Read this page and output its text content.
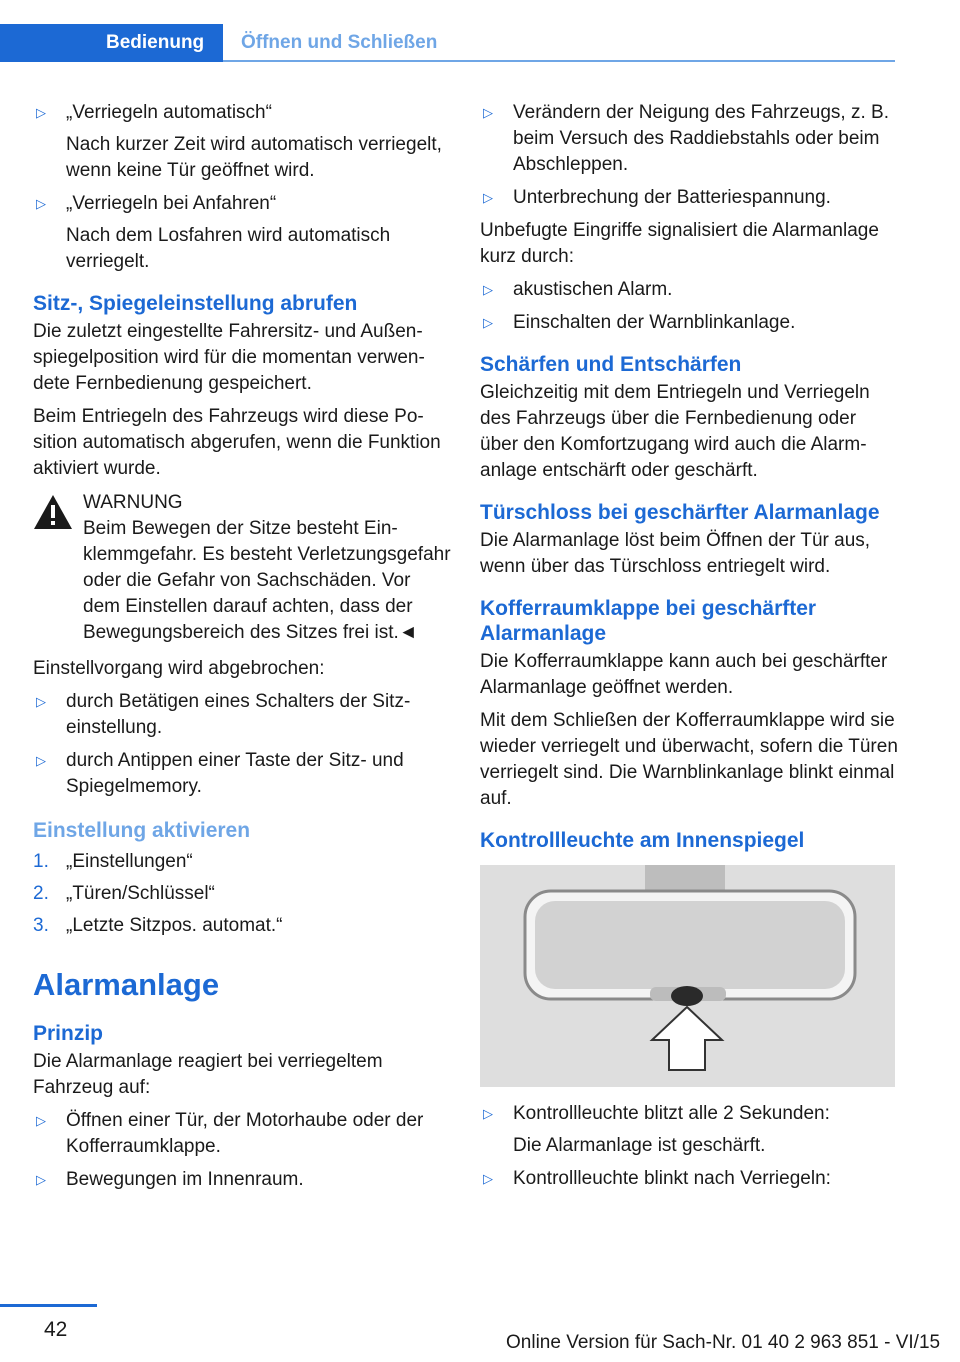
Bedienung	Öffnen und Schließen
▷	„Verriegeln automatisch“

Nach kurzer Zeit wird automatisch verriegelt, wenn keine Tür geöffnet wird.

▷	„Verriegeln bei Anfahren“

Nach dem Losfahren wird automatisch verriegelt.

Sitz-, Spiegeleinstellung abrufen

Die zuletzt eingestellte Fahrersitz- und Außenspiegelposition wird für die momentan verwendete Fernbedienung gespeichert.

Beim Entriegeln des Fahrzeugs wird diese Position automatisch abgerufen, wenn die Funktion aktiviert wurde.

WARNUNG
Beim Bewegen der Sitze besteht Einklemmgefahr. Es besteht Verletzungsgefahr oder die Gefahr von Sachschäden. Vor dem Einstellen darauf achten, dass der Bewegungsbereich des Sitzes frei ist.◄

Einstellvorgang wird abgebrochen:

▷	durch Betätigen eines Schalters der Sitzeinstellung.
▷	durch Antippen einer Taste der Sitz- und Spiegelmemory.
Einstellung aktivieren
1. „Einstellungen“
2. „Türen/Schlüssel“
3. „Letzte Sitzpos. automat.“
Alarmanlage
Prinzip

Die Alarmanlage reagiert bei verriegeltem Fahrzeug auf:

▷	Öffnen einer Tür, der Motorhaube oder der Kofferraumklappe.
▷	Bewegungen im Innenraum.
▷	Verändern der Neigung des Fahrzeugs, z. B. beim Versuch des Raddiebstahls oder beim Abschleppen.
▷	Unterbrechung der Batteriespannung.

Unbefugte Eingriffe signalisiert die Alarmanlage kurz durch:

▷	akustischen Alarm.
▷	Einschalten der Warnblinkanlage.
Schärfen und Entschärfen

Gleichzeitig mit dem Entriegeln und Verriegeln des Fahrzeugs über die Fernbedienung oder über den Komfortzugang wird auch die Alarmanlage entschärft oder geschärft.

Türschloss bei geschärfter Alarmanlage

Die Alarmanlage löst beim Öffnen der Tür aus, wenn über das Türschloss entriegelt wird.

Kofferraumklappe bei geschärfter Alarmanlage

Die Kofferraumklappe kann auch bei geschärfter Alarmanlage geöffnet werden.

Mit dem Schließen der Kofferraumklappe wird sie wieder verriegelt und überwacht, sofern die Türen verriegelt sind. Die Warnblinkanlage blinkt einmal auf.

Kontrollleuchte am Innenspiegel
▷	Kontrollleuchte blitzt alle 2 Sekunden:

Die Alarmanlage ist geschärft.

▷	Kontrollleuchte blinkt nach Verriegeln:

42
Online Version für Sach-Nr. 01 40 2 963 851 - VI/15
